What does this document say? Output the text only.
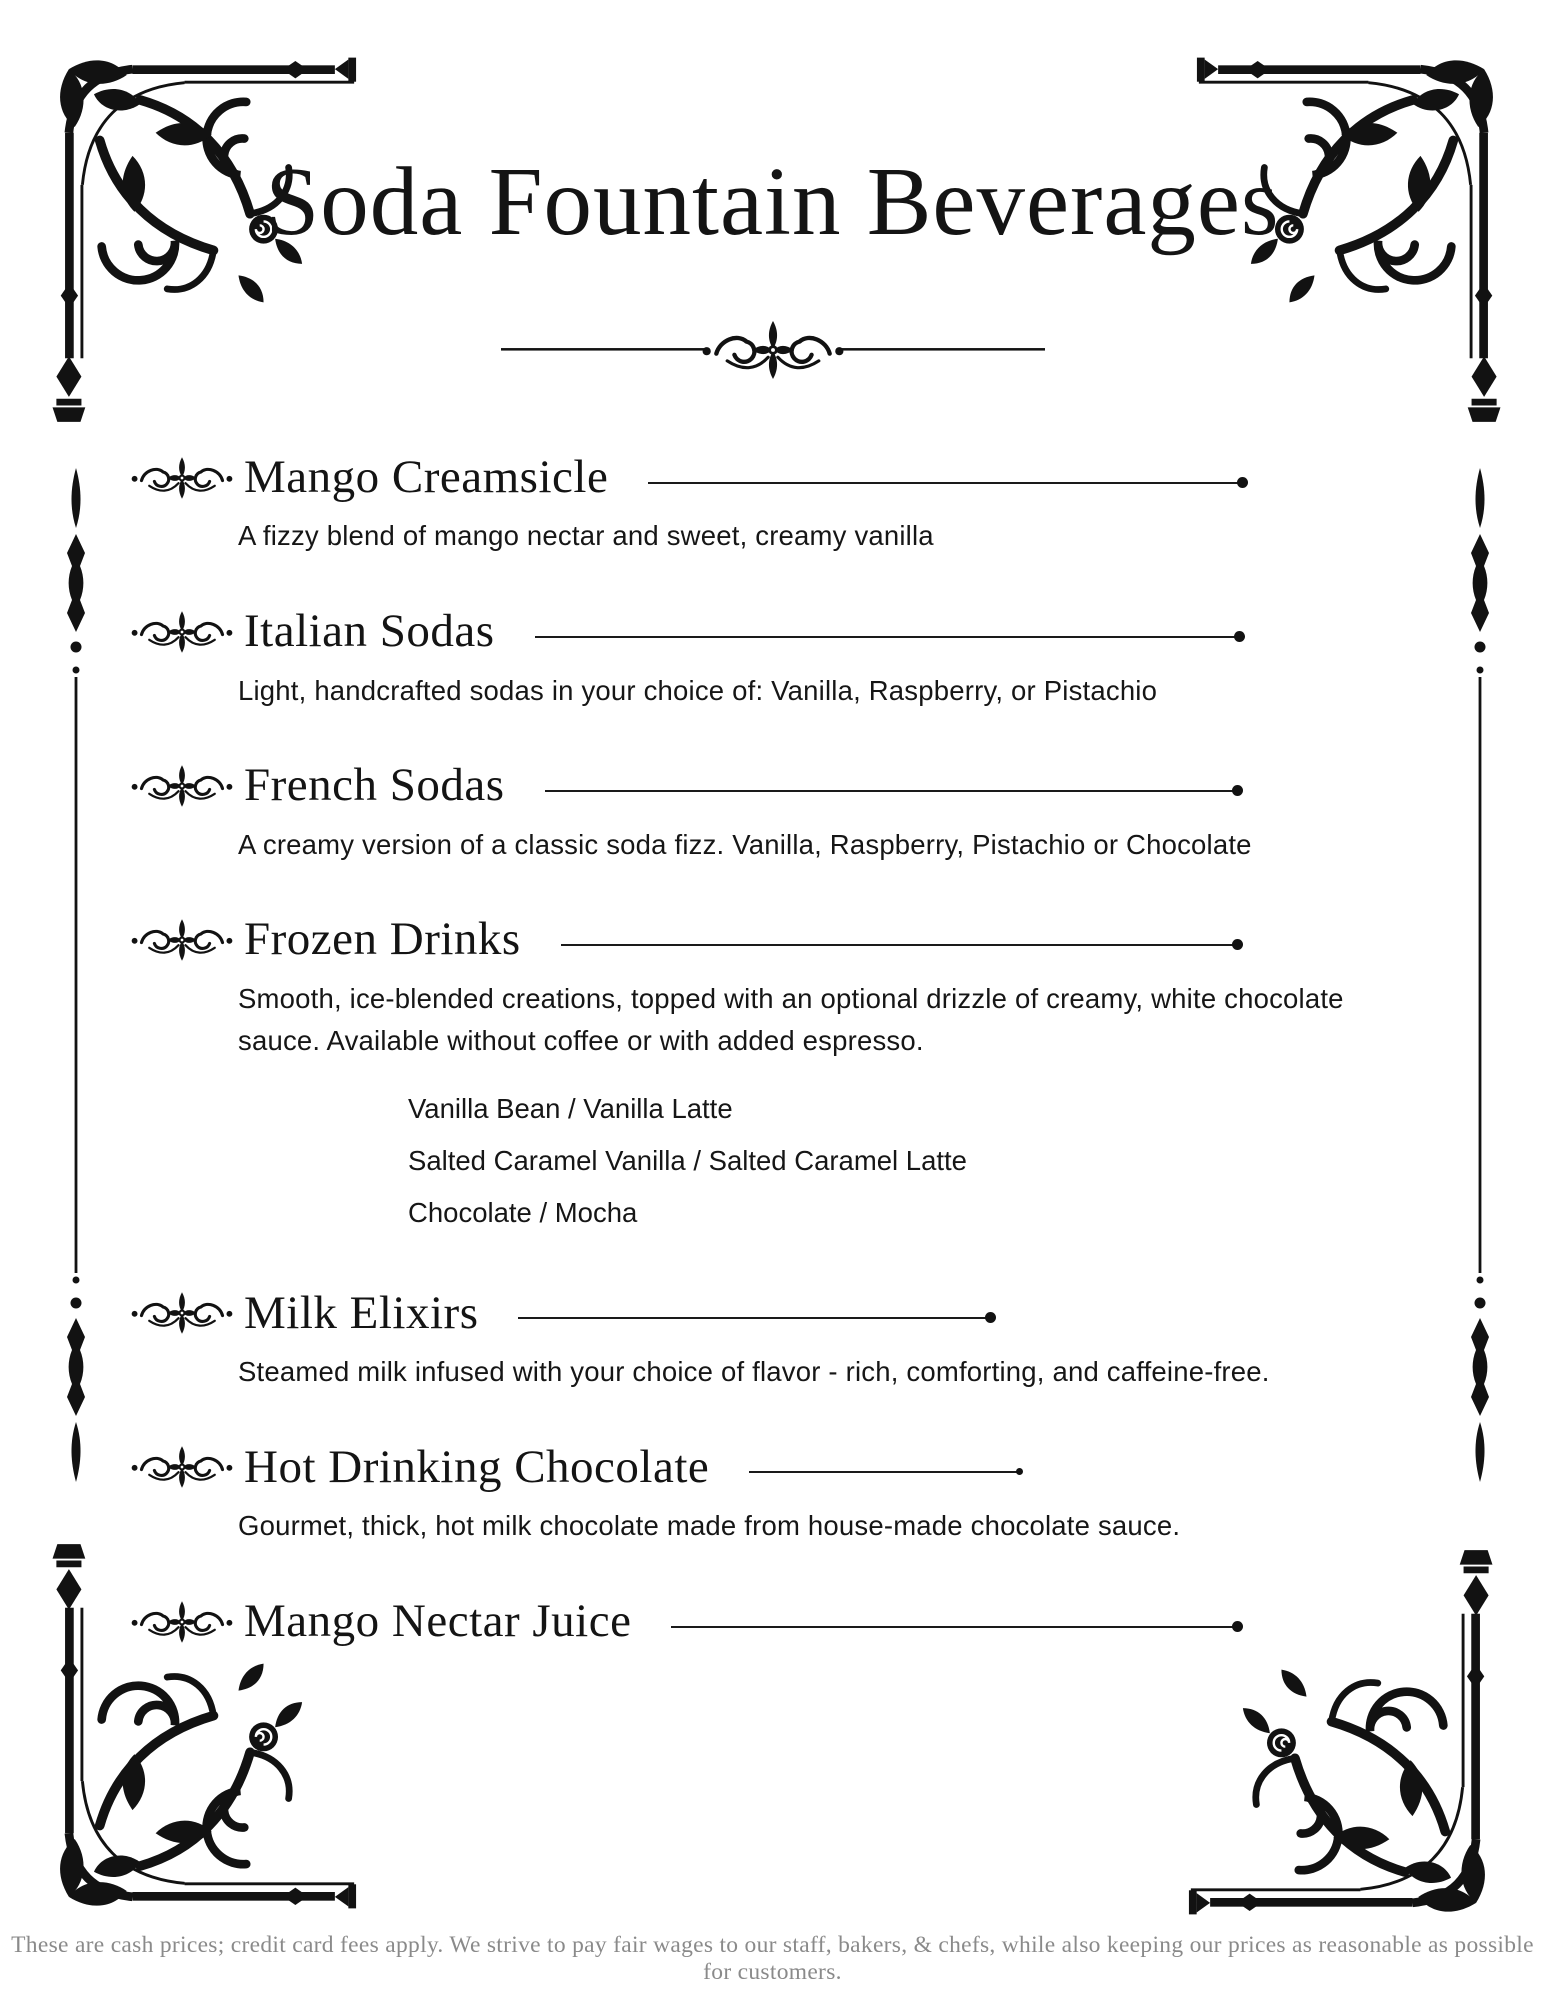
Soda Fountain Beverages
Mango Creamsicle

A fizzy blend of mango nectar and sweet, creamy vanilla

Italian Sodas

Light, handcrafted sodas in your choice of: Vanilla, Raspberry, or Pistachio

French Sodas

A creamy version of a classic soda fizz. Vanilla, Raspberry, Pistachio or Chocolate

Frozen Drinks

Smooth, ice-blended creations, topped with an optional drizzle of creamy, white chocolate sauce. Available without coffee or with added espresso.

Vanilla Bean / Vanilla Latte
Salted Caramel Vanilla / Salted Caramel Latte
Chocolate / Mocha
Milk Elixirs

Steamed milk infused with your choice of flavor - rich, comforting, and caffeine-free.

Hot Drinking Chocolate

Gourmet, thick, hot milk chocolate made from house-made chocolate sauce.

Mango Nectar Juice
These are cash prices; credit card fees apply. We strive to pay fair wages to our staff, bakers, & chefs, while also keeping our prices as reasonable as possible for customers.
